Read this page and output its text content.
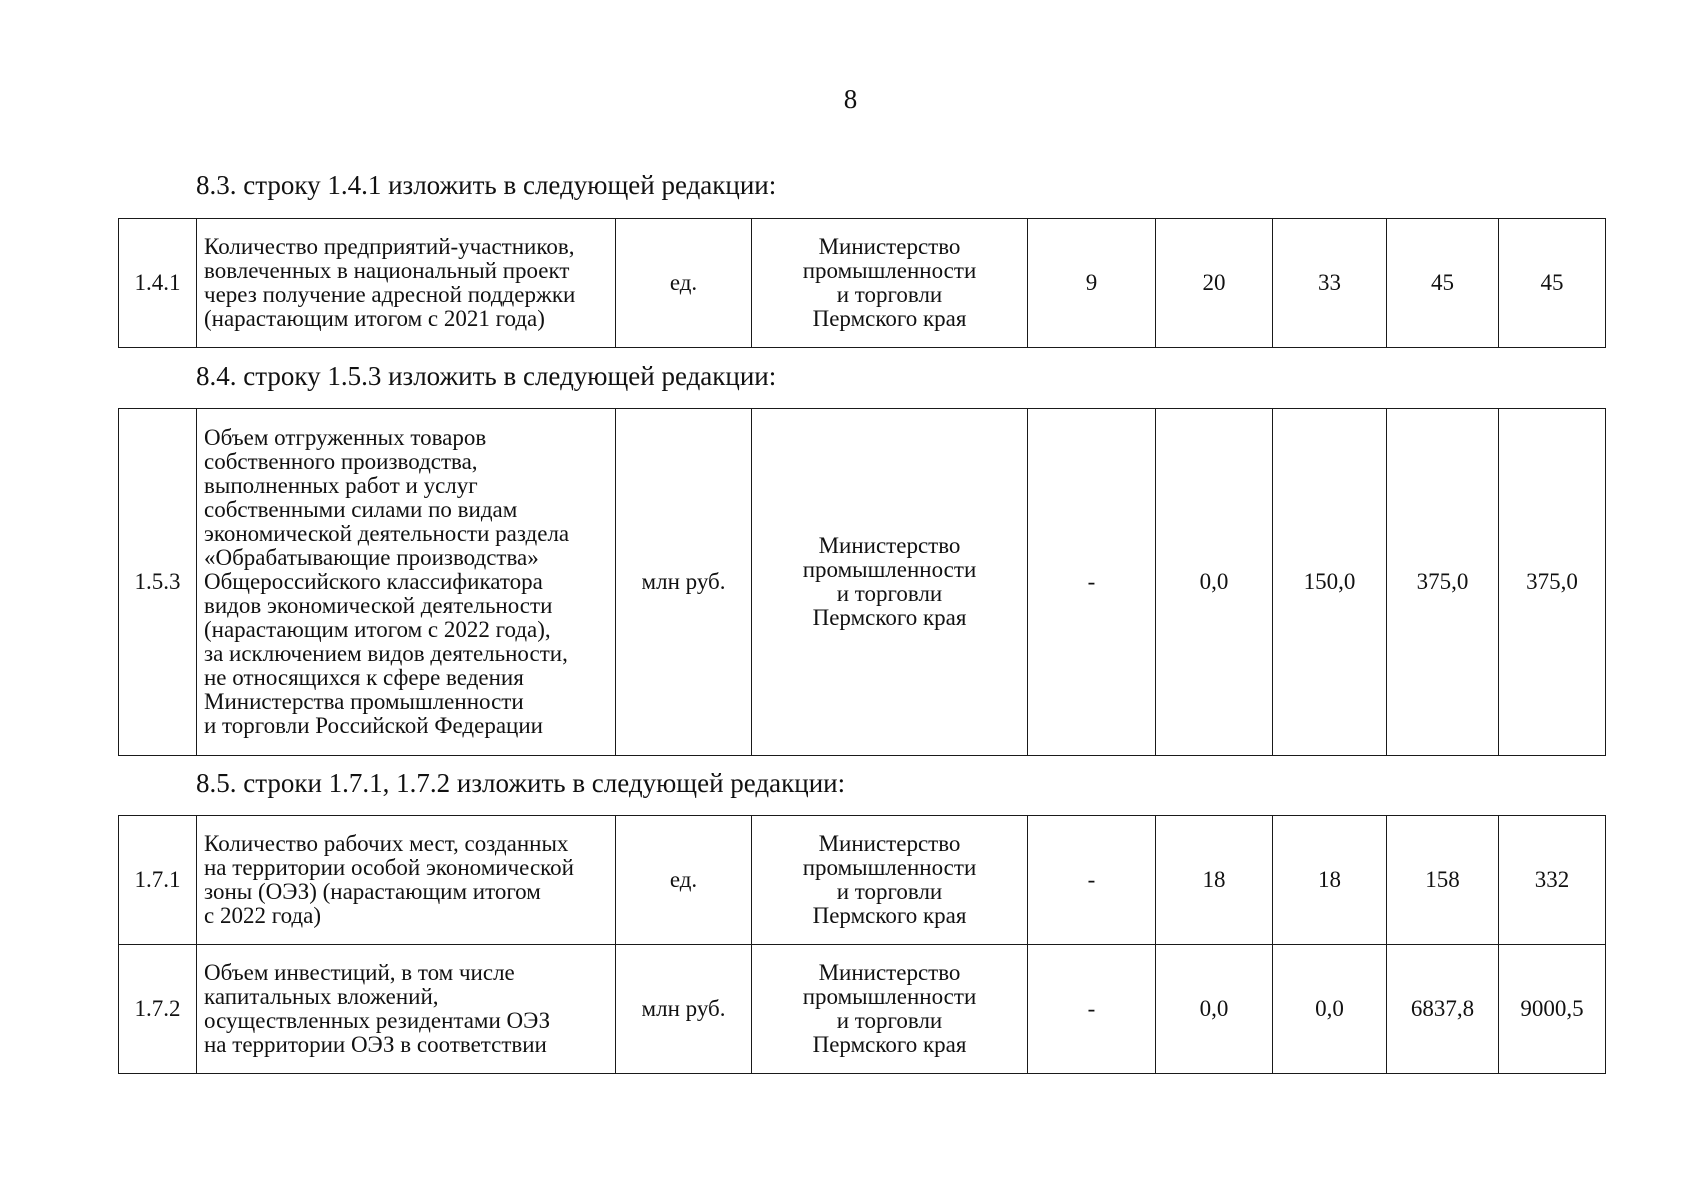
8
8.3. строку 1.4.1 изложить в следующей редакции:
1.4.1	Количество предприятий-участников,
вовлеченных в национальный проект
через получение адресной поддержки
(нарастающим итогом с 2021 года)	ед.	Министерство
промышленности
и торговли
Пермского края	9	20	33	45	45
8.4. строку 1.5.3 изложить в следующей редакции:
1.5.3	Объем отгруженных товаров
собственного производства,
выполненных работ и услуг
собственными силами по видам
экономической деятельности раздела
«Обрабатывающие производства»
Общероссийского классификатора
видов экономической деятельности
(нарастающим итогом с 2022 года),
за исключением видов деятельности,
не относящихся к сфере ведения
Министерства промышленности
и торговли Российской Федерации	млн руб.	Министерство
промышленности
и торговли
Пермского края	-	0,0	150,0	375,0	375,0
8.5. строки 1.7.1, 1.7.2 изложить в следующей редакции:
1.7.1	Количество рабочих мест, созданных
на территории особой экономической
зоны (ОЭЗ) (нарастающим итогом
с 2022 года)	ед.	Министерство
промышленности
и торговли
Пермского края	-	18	18	158	332
1.7.2	Объем инвестиций, в том числе
капитальных вложений,
осуществленных резидентами ОЭЗ
на территории ОЭЗ в соответствии	млн руб.	Министерство
промышленности
и торговли
Пермского края	-	0,0	0,0	6837,8	9000,5
